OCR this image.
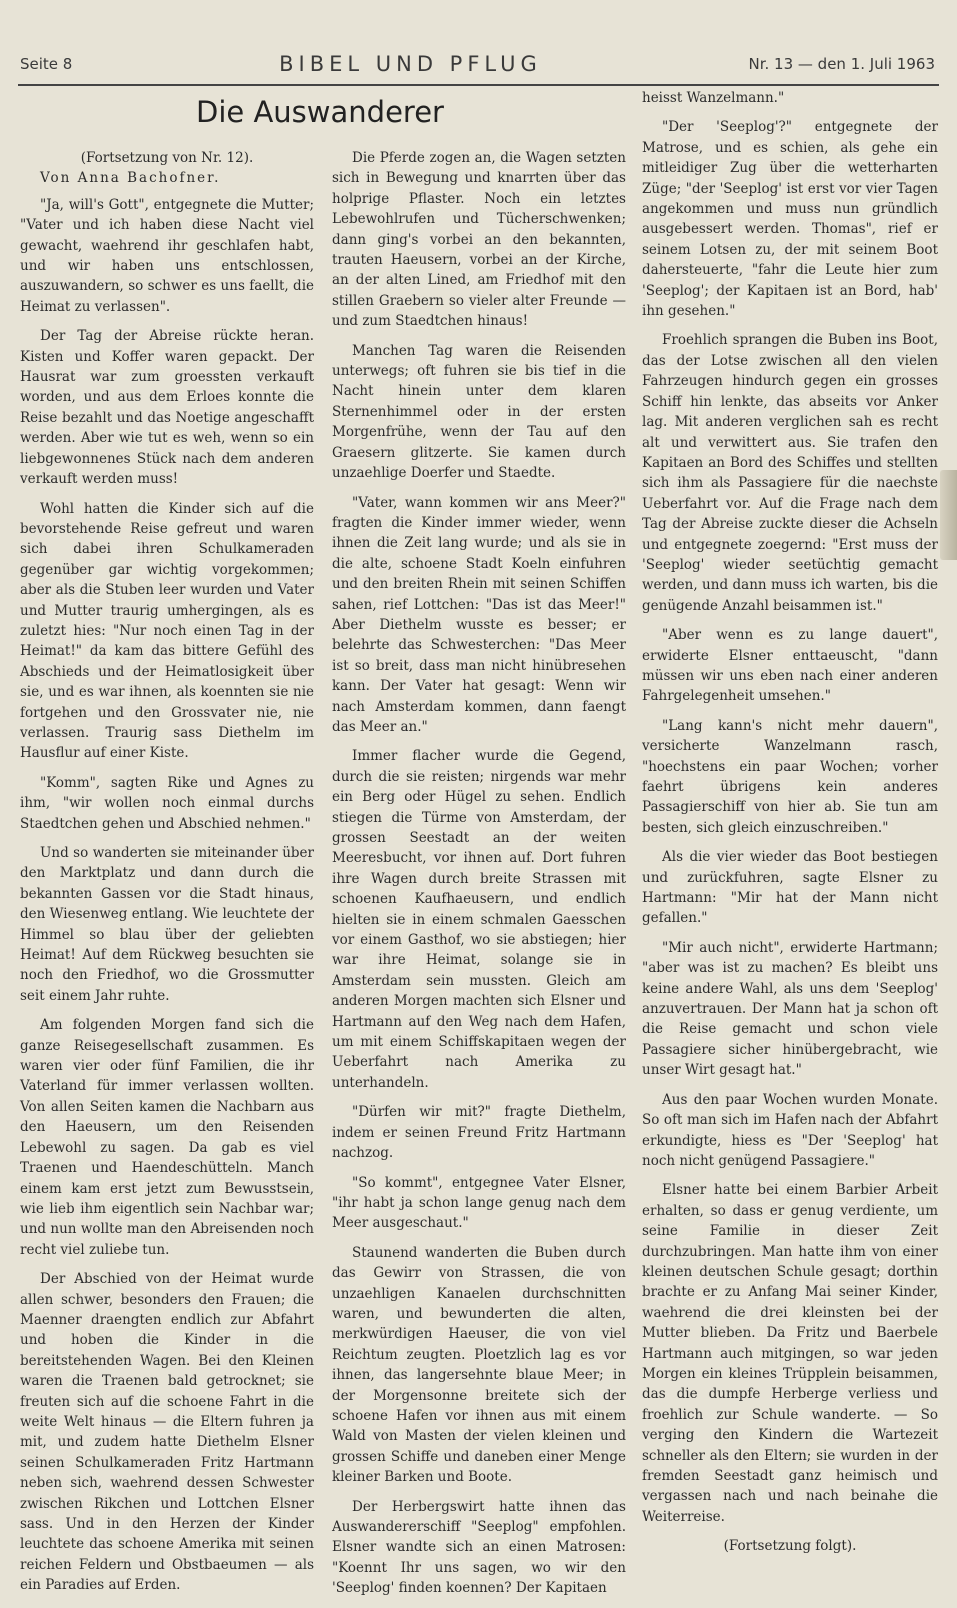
Seite 8	BIBEL UND PFLUG	Nr. 13 — den 1. Juli 1963
Die Auswanderer

(Fortsetzung von Nr. 12).

Von Anna Bachofner.

"Ja, will's Gott", entgegnete die Mutter; "Vater und ich haben diese Nacht viel gewacht, waehrend ihr geschlafen habt, und wir haben uns entschlossen, auszuwandern, so schwer es uns faellt, die Heimat zu verlassen".

Der Tag der Abreise rückte heran. Kisten und Koffer waren gepackt. Der Hausrat war zum groessten verkauft worden, und aus dem Erloes konnte die Reise bezahlt und das Noetige angeschafft werden. Aber wie tut es weh, wenn so ein liebgewonnenes Stück nach dem anderen verkauft werden muss!

Wohl hatten die Kinder sich auf die bevorstehende Reise gefreut und waren sich dabei ihren Schulkameraden gegenüber gar wichtig vorgekommen; aber als die Stuben leer wurden und Vater und Mutter traurig umhergingen, als es zuletzt hies: "Nur noch einen Tag in der Heimat!" da kam das bittere Gefühl des Abschieds und der Heimatlosigkeit über sie, und es war ihnen, als koennten sie nie fortgehen und den Grossvater nie, nie verlassen. Traurig sass Diethelm im Hausflur auf einer Kiste.

"Komm", sagten Rike und Agnes zu ihm, "wir wollen noch einmal durchs Staedtchen gehen und Abschied nehmen."

Und so wanderten sie miteinander über den Marktplatz und dann durch die bekannten Gassen vor die Stadt hinaus, den Wiesenweg entlang. Wie leuchtete der Himmel so blau über der geliebten Heimat! Auf dem Rückweg besuchten sie noch den Friedhof, wo die Grossmutter seit einem Jahr ruhte.

Am folgenden Morgen fand sich die ganze Reisegesellschaft zusammen. Es waren vier oder fünf Familien, die ihr Vaterland für immer verlassen wollten. Von allen Seiten kamen die Nachbarn aus den Haeusern, um den Reisenden Lebewohl zu sagen. Da gab es viel Traenen und Haendeschütteln. Manch einem kam erst jetzt zum Bewusstsein, wie lieb ihm eigentlich sein Nachbar war; und nun wollte man den Abreisenden noch recht viel zuliebe tun.

Der Abschied von der Heimat wurde allen schwer, besonders den Frauen; die Maenner draengten endlich zur Abfahrt und hoben die Kinder in die bereitstehenden Wagen. Bei den Kleinen waren die Traenen bald getrocknet; sie freuten sich auf die schoene Fahrt in die weite Welt hinaus — die Eltern fuhren ja mit, und zudem hatte Diethelm Elsner seinen Schulkameraden Fritz Hartmann neben sich, waehrend dessen Schwester zwischen Rikchen und Lottchen Elsner sass. Und in den Herzen der Kinder leuchtete das schoene Amerika mit seinen reichen Feldern und Obstbaeumen — als ein Paradies auf Erden.

Die Pferde zogen an, die Wagen setzten sich in Bewegung und knarrten über das holprige Pflaster. Noch ein letztes Lebewohlrufen und Tücherschwenken; dann ging's vorbei an den bekannten, trauten Haeusern, vorbei an der Kirche, an der alten Lined, am Friedhof mit den stillen Graebern so vieler alter Freunde — und zum Staedtchen hinaus!

Manchen Tag waren die Reisenden unterwegs; oft fuhren sie bis tief in die Nacht hinein unter dem klaren Sternenhimmel oder in der ersten Morgenfrühe, wenn der Tau auf den Graesern glitzerte. Sie kamen durch unzaehlige Doerfer und Staedte.

"Vater, wann kommen wir ans Meer?" fragten die Kinder immer wieder, wenn ihnen die Zeit lang wurde; und als sie in die alte, schoene Stadt Koeln einfuhren und den breiten Rhein mit seinen Schiffen sahen, rief Lottchen: "Das ist das Meer!" Aber Diethelm wusste es besser; er belehrte das Schwesterchen: "Das Meer ist so breit, dass man nicht hinübresehen kann. Der Vater hat gesagt: Wenn wir nach Amsterdam kommen, dann faengt das Meer an."

Immer flacher wurde die Gegend, durch die sie reisten; nirgends war mehr ein Berg oder Hügel zu sehen. Endlich stiegen die Türme von Amsterdam, der grossen Seestadt an der weiten Meeresbucht, vor ihnen auf. Dort fuhren ihre Wagen durch breite Strassen mit schoenen Kaufhaeusern, und endlich hielten sie in einem schmalen Gaesschen vor einem Gasthof, wo sie abstiegen; hier war ihre Heimat, solange sie in Amsterdam sein mussten. Gleich am anderen Morgen machten sich Elsner und Hartmann auf den Weg nach dem Hafen, um mit einem Schiffskapitaen wegen der Ueberfahrt nach Amerika zu unterhandeln.

"Dürfen wir mit?" fragte Diethelm, indem er seinen Freund Fritz Hartmann nachzog.

"So kommt", entgegnee Vater Elsner, "ihr habt ja schon lange genug nach dem Meer ausgeschaut."

Staunend wanderten die Buben durch das Gewirr von Strassen, die von unzaehligen Kanaelen durchschnitten waren, und bewunderten die alten, merkwürdigen Haeuser, die von viel Reichtum zeugten. Ploetzlich lag es vor ihnen, das langersehnte blaue Meer; in der Morgensonne breitete sich der schoene Hafen vor ihnen aus mit einem Wald von Masten der vielen kleinen und grossen Schiffe und daneben einer Menge kleiner Barken und Boote.

Der Herbergswirt hatte ihnen das Auswandererschiff "Seeplog" empfohlen. Elsner wandte sich an einen Matrosen: "Koennt Ihr uns sagen, wo wir den 'Seeplog' finden koennen? Der Kapitaen

heisst Wanzelmann."

"Der 'Seeplog'?" entgegnete der Matrose, und es schien, als gehe ein mitleidiger Zug über die wetterharten Züge; "der 'Seeplog' ist erst vor vier Tagen angekommen und muss nun gründlich ausgebessert werden. Thomas", rief er seinem Lotsen zu, der mit seinem Boot dahersteuerte, "fahr die Leute hier zum 'Seeplog'; der Kapitaen ist an Bord, hab' ihn gesehen."

Froehlich sprangen die Buben ins Boot, das der Lotse zwischen all den vielen Fahrzeugen hindurch gegen ein grosses Schiff hin lenkte, das abseits vor Anker lag. Mit anderen verglichen sah es recht alt und verwittert aus. Sie trafen den Kapitaen an Bord des Schiffes und stellten sich ihm als Passagiere für die naechste Ueberfahrt vor. Auf die Frage nach dem Tag der Abreise zuckte dieser die Achseln und entgegnete zoegernd: "Erst muss der 'Seeplog' wieder seetüchtig gemacht werden, und dann muss ich warten, bis die genügende Anzahl beisammen ist."

"Aber wenn es zu lange dauert", erwiderte Elsner enttaeuscht, "dann müssen wir uns eben nach einer anderen Fahrgelegenheit umsehen."

"Lang kann's nicht mehr dauern", versicherte Wanzelmann rasch, "hoechstens ein paar Wochen; vorher faehrt übrigens kein anderes Passagierschiff von hier ab. Sie tun am besten, sich gleich einzuschreiben."

Als die vier wieder das Boot bestiegen und zurückfuhren, sagte Elsner zu Hartmann: "Mir hat der Mann nicht gefallen."

"Mir auch nicht", erwiderte Hartmann; "aber was ist zu machen? Es bleibt uns keine andere Wahl, als uns dem 'Seeplog' anzuvertrauen. Der Mann hat ja schon oft die Reise gemacht und schon viele Passagiere sicher hinübergebracht, wie unser Wirt gesagt hat."

Aus den paar Wochen wurden Monate. So oft man sich im Hafen nach der Abfahrt erkundigte, hiess es "Der 'Seeplog' hat noch nicht genügend Passagiere."

Elsner hatte bei einem Barbier Arbeit erhalten, so dass er genug verdiente, um seine Familie in dieser Zeit durchzubringen. Man hatte ihm von einer kleinen deutschen Schule gesagt; dorthin brachte er zu Anfang Mai seiner Kinder, waehrend die drei kleinsten bei der Mutter blieben. Da Fritz und Baerbele Hartmann auch mitgingen, so war jeden Morgen ein kleines Trüpplein beisammen, das die dumpfe Herberge verliess und froehlich zur Schule wanderte. — So verging den Kindern die Wartezeit schneller als den Eltern; sie wurden in der fremden Seestadt ganz heimisch und vergassen nach und nach beinahe die Weiterreise.

(Fortsetzung folgt).
